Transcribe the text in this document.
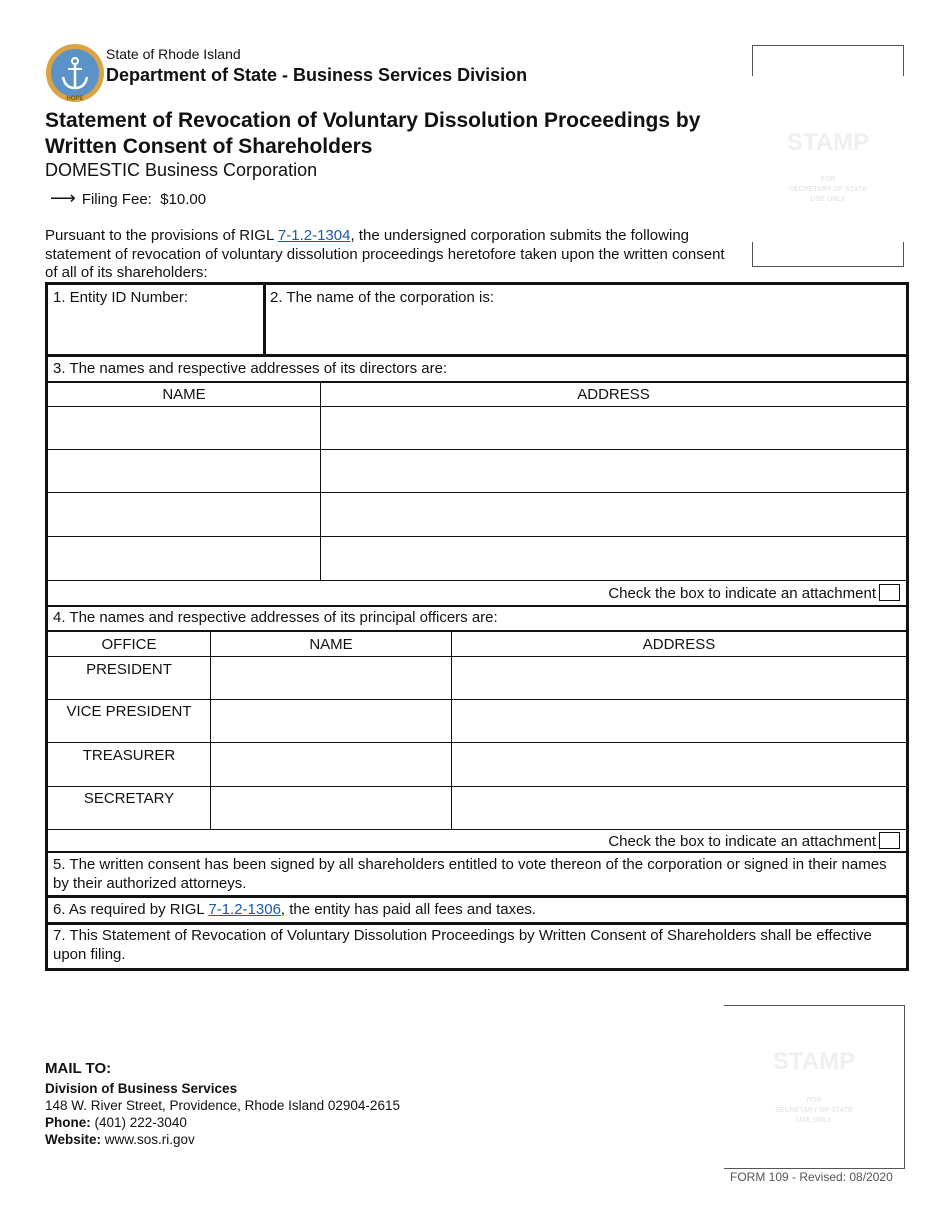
HOPE
State of Rhode Island
Department of State - Business Services Division
Statement of Revocation of Voluntary Dissolution Proceedings by Written Consent of Shareholders
DOMESTIC Business Corporation
⟶ Filing Fee: $10.00
Pursuant to the provisions of RIGL 7-1.2-1304, the undersigned corporation submits the following statement of revocation of voluntary dissolution proceedings heretofore taken upon the written consent of all of its shareholders:
STAMP
FOR
SECRETARY OF STATE
USE ONLY
1. Entity ID Number:	2. The name of the corporation is:
3. The names and respective addresses of its directors are:
NAME	ADDRESS
Check the box to indicate an attachment
4. The names and respective addresses of its principal officers are:
OFFICE	NAME	ADDRESS
PRESIDENT
VICE PRESIDENT
TREASURER
SECRETARY
Check the box to indicate an attachment
5. The written consent has been signed by all shareholders entitled to vote thereon of the corporation or signed in their names by their authorized attorneys.
6. As required by RIGL 7-1.2-1306, the entity has paid all fees and taxes.
7. This Statement of Revocation of Voluntary Dissolution Proceedings by Written Consent of Shareholders shall be effective upon filing.
MAIL TO:
Division of Business Services
148 W. River Street, Providence, Rhode Island 02904-2615
Phone: (401) 222-3040
Website: www.sos.ri.gov
STAMP
FOR
SECRETARY OF STATE
USE ONLY
FORM 109 - Revised: 08/2020
